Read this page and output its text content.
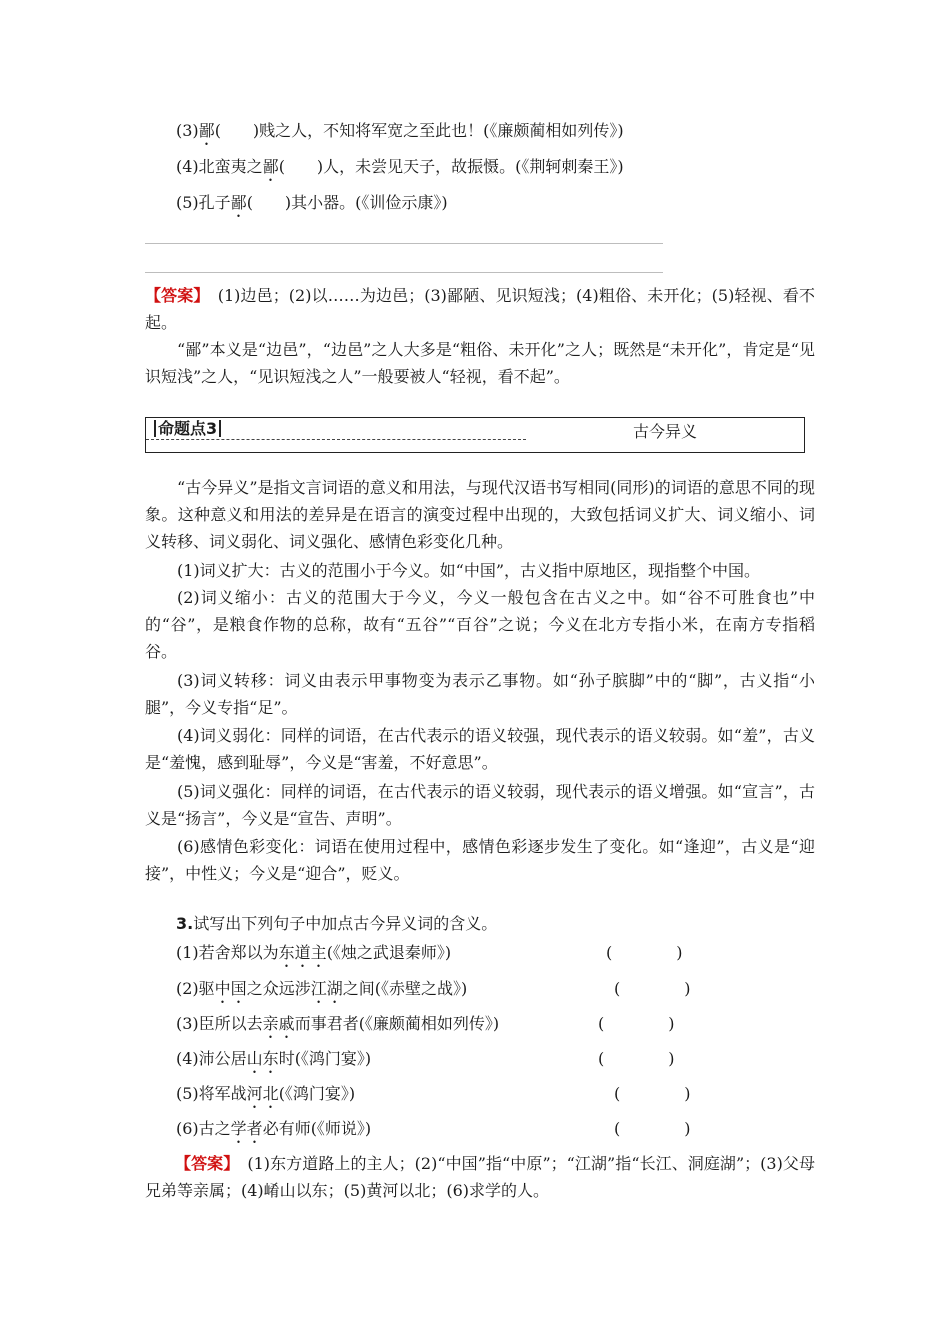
(3)鄙(　　)贱之人，不知将军宽之至此也！(《廉颇蔺相如列传》)
(4)北蛮夷之鄙(　　)人，未尝见天子，故振慑。(《荆轲刺秦王》)
(5)孔子鄙(　　)其小器。(《训俭示康》)
【答案】　(1)边邑；(2)以……为边邑；(3)鄙陋、见识短浅；(4)粗俗、未开化；(5)轻视、看不起。
“鄙”本义是“边邑”，“边邑”之人大多是“粗俗、未开化”之人；既然是“未开化”，肯定是“见识短浅”之人，“见识短浅之人”一般要被人“轻视，看不起”。
命题点3	古今异义
“古今异义”是指文言词语的意义和用法，与现代汉语书写相同(同形)的词语的意思不同的现象。这种意义和用法的差异是在语言的演变过程中出现的，大致包括词义扩大、词义缩小、词义转移、词义弱化、词义强化、感情色彩变化几种。
(1)词义扩大：古义的范围小于今义。如“中国”，古义指中原地区，现指整个中国。
(2)词义缩小：古义的范围大于今义，今义一般包含在古义之中。如“谷不可胜食也”中的“谷”，是粮食作物的总称，故有“五谷”“百谷”之说；今义在北方专指小米，在南方专指稻谷。
(3)词义转移：词义由表示甲事物变为表示乙事物。如“孙子膑脚”中的“脚”，古义指“小腿”，今义专指“足”。
(4)词义弱化：同样的词语，在古代表示的语义较强，现代表示的语义较弱。如“羞”，古义是“羞愧，感到耻辱”，今义是“害羞，不好意思”。
(5)词义强化：同样的词语，在古代表示的语义较弱，现代表示的语义增强。如“宣言”，古义是“扬言”，今义是“宣告、声明”。
(6)感情色彩变化：词语在使用过程中，感情色彩逐步发生了变化。如“逢迎”，古义是“迎接”，中性义；今义是“迎合”，贬义。
3.试写出下列句子中加点古今异义词的含义。
(1)若舍郑以为东道主(《烛之武退秦师》)	(　　　　)
(2)驱中国之众远涉江湖之间(《赤壁之战》)	(　　　　)
(3)臣所以去亲戚而事君者(《廉颇蔺相如列传》)	(　　　　)
(4)沛公居山东时(《鸿门宴》)	(　　　　)
(5)将军战河北(《鸿门宴》)	(　　　　)
(6)古之学者必有师(《师说》)	(　　　　)
【答案】　(1)东方道路上的主人；(2)“中国”指“中原”；“江湖”指“长江、洞庭湖”；(3)父母兄弟等亲属；(4)崤山以东；(5)黄河以北；(6)求学的人。
